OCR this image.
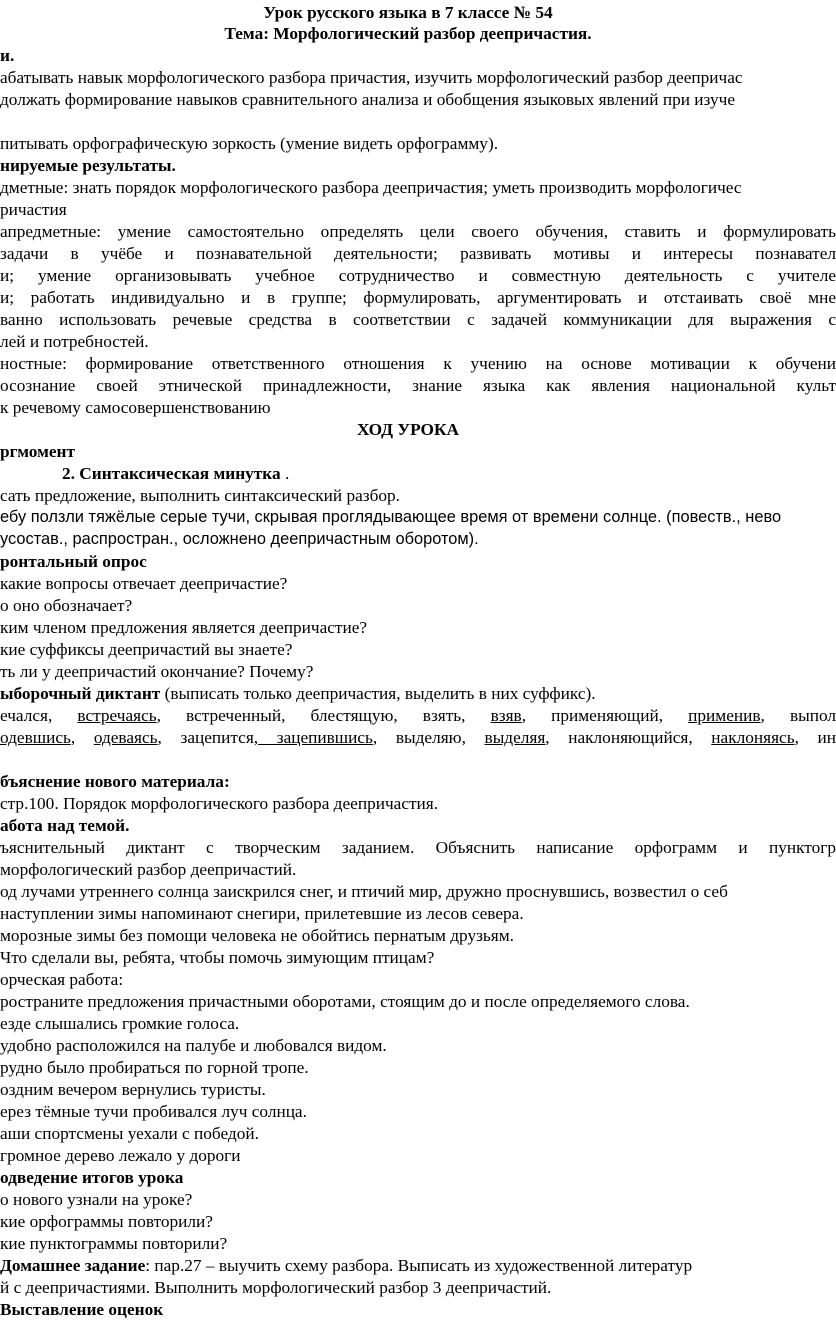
Урок русского языка в 7 классе № 54
Тема: Морфологический разбор деепричастия.
и.
абатывать навык морфологического разбора причастия, изучить морфологический разбор деепричас
должать формирование навыков сравнительного анализа и обобщения языковых явлений при изуче
питывать орфографическую зоркость (умение видеть орфограмму).
нируемые результаты.
дметные: знать порядок морфологического разбора деепричастия; уметь производить морфологичес
ричастия
апредметные: умение самостоятельно определять цели своего обучения, ставить и формулировать
задачи в учёбе и познавательной деятельности; развивать мотивы и интересы познавател
и; умение организовывать учебное сотрудничество и совместную деятельность с учителе
и; работать индивидуально и в группе; формулировать, аргументировать и отстаивать своё мне
ванно использовать речевые средства в соответствии с задачей коммуникации для выражения с
лей и потребностей.
ностные: формирование ответственного отношения к учению на основе мотивации к обучени
осознание своей этнической принадлежности, знание языка как явления национальной культ
к речевому самосовершенствованию
ХОД УРОКА
ргмомент
2. Синтаксическая минутка .
сать предложение, выполнить синтаксический разбор.
ебу ползли тяжёлые серые тучи, скрывая проглядывающее время от времени солнце. (повеств., нево
усостав., распростран., осложнено деепричастным оборотом).
ронтальный опрос
какие вопросы отвечает деепричастие?
о оно обозначает?
ким членом предложения является деепричастие?
кие суффиксы деепричастий вы знаете?
ть ли у деепричастий окончание? Почему?
ыборочный диктант (выписать только деепричастия, выделить в них суффикс).
ечался, встречаясь, встреченный, блестящую, взять, взяв, применяющий, применив, выпол
одевшись, одеваясь, зацепится, зацепившись, выделяю, выделяя, наклоняющийся, наклоняясь, ин
бъяснение нового материала:
стр.100. Порядок морфологического разбора деепричастия.
абота над темой.
ъяснительный диктант с творческим заданием. Объяснить написание орфограмм и пунктогр
морфологический разбор деепричастий.
од лучами утреннего солнца заискрился снег, и птичий мир, дружно проснувшись, возвестил о себ
наступлении зимы напоминают снегири, прилетевшие из лесов севера.
морозные зимы без помощи человека не обойтись пернатым друзьям.
Что сделали вы, ребята, чтобы помочь зимующим птицам?
орческая работа:
ространите предложения причастными оборотами, стоящим до и после определяемого слова.
езде слышались громкие голоса.
удобно расположился на палубе и любовался видом.
рудно было пробираться по горной тропе.
оздним вечером вернулись туристы.
ерез тёмные тучи пробивался луч солнца.
аши спортсмены уехали с победой.
громное дерево лежало у дороги
одведение итогов урока
о нового узнали на уроке?
кие орфограммы повторили?
кие пунктограммы повторили?
Домашнее задание: пар.27 – выучить схему разбора. Выписать из художественной литератур
й с деепричастиями. Выполнить морфологический разбор 3 деепричастий.
Выставление оценок
